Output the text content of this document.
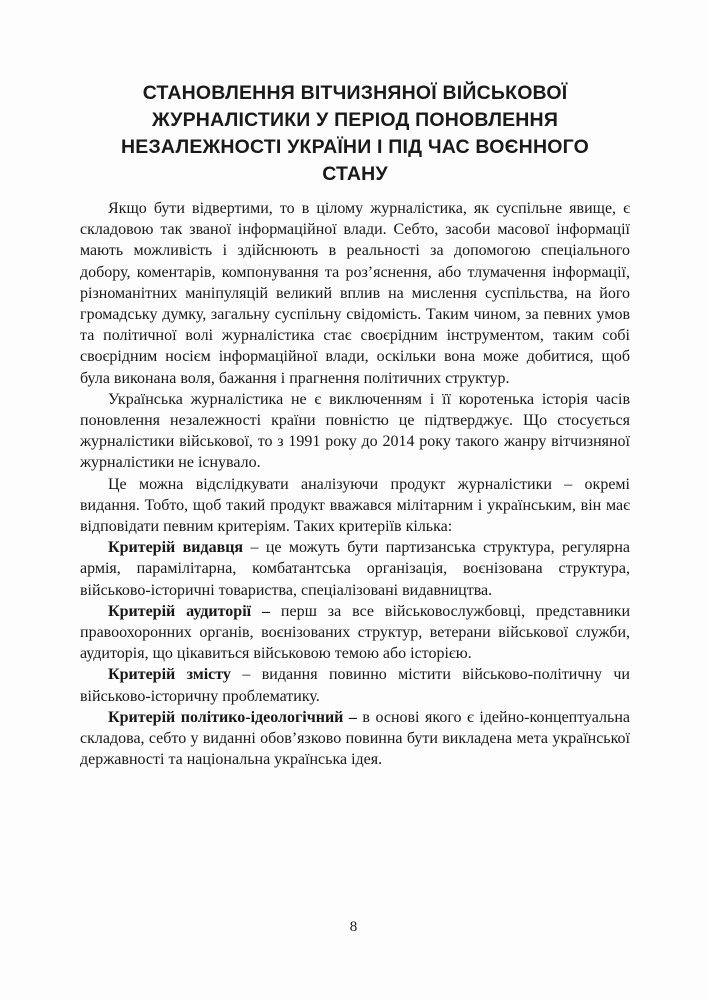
СТАНОВЛЕННЯ ВІТЧИЗНЯНОЇ ВІЙСЬКОВОЇ
ЖУРНАЛІСТИКИ У ПЕРІОД ПОНОВЛЕННЯ
НЕЗАЛЕЖНОСТІ УКРАЇНИ І ПІД ЧАС ВОЄННОГО
СТАНУ

Якщо бути відвертими, то в цілому журналістика, як суспільне явище, є складовою так званої інформаційної влади. Себто, засоби масової інформації мають можливість і здійснюють в реальності за допомогою спеціального добору, коментарів, компонування та роз’яснення, або тлумачення інформації, різноманітних маніпуляцій великий вплив на мислення суспільства, на його громадську думку, загальну суспільну свідомість. Таким чином, за певних умов та політичної волі журналістика стає своєрідним інструментом, таким собі своєрідним носієм інформаційної влади, оскільки вона може добитися, щоб була виконана воля, бажання і прагнення політичних структур.

Українська журналістика не є виключенням і її коротенька історія часів поновлення незалежності країни повністю це підтверджує. Що стосується журналістики військової, то з 1991 року до 2014 року такого жанру вітчизняної журналістики не існувало.

Це можна відслідкувати аналізуючи продукт журналістики – окремі видання. Тобто, щоб такий продукт вважався мілітарним і українським, він має відповідати певним критеріям. Таких критеріїв кілька:

Критерій видавця – це можуть бути партизанська структура, регулярна армія, парамілітарна, комбатантська організація, воєнізована структура, військово-історичні товариства, спеціалізовані видавництва.

Критерій аудиторії – перш за все військовослужбовці, представники правоохоронних органів, воєнізованих структур, ветерани військової служби, аудиторія, що цікавиться військовою темою або історією.

Критерій змісту – видання повинно містити військово-політичну чи військово-історичну проблематику.

Критерій політико-ідеологічний – в основі якого є ідейно-концептуальна складова, себто у виданні обов’язково повинна бути викладена мета української державності та національна українська ідея.

8
